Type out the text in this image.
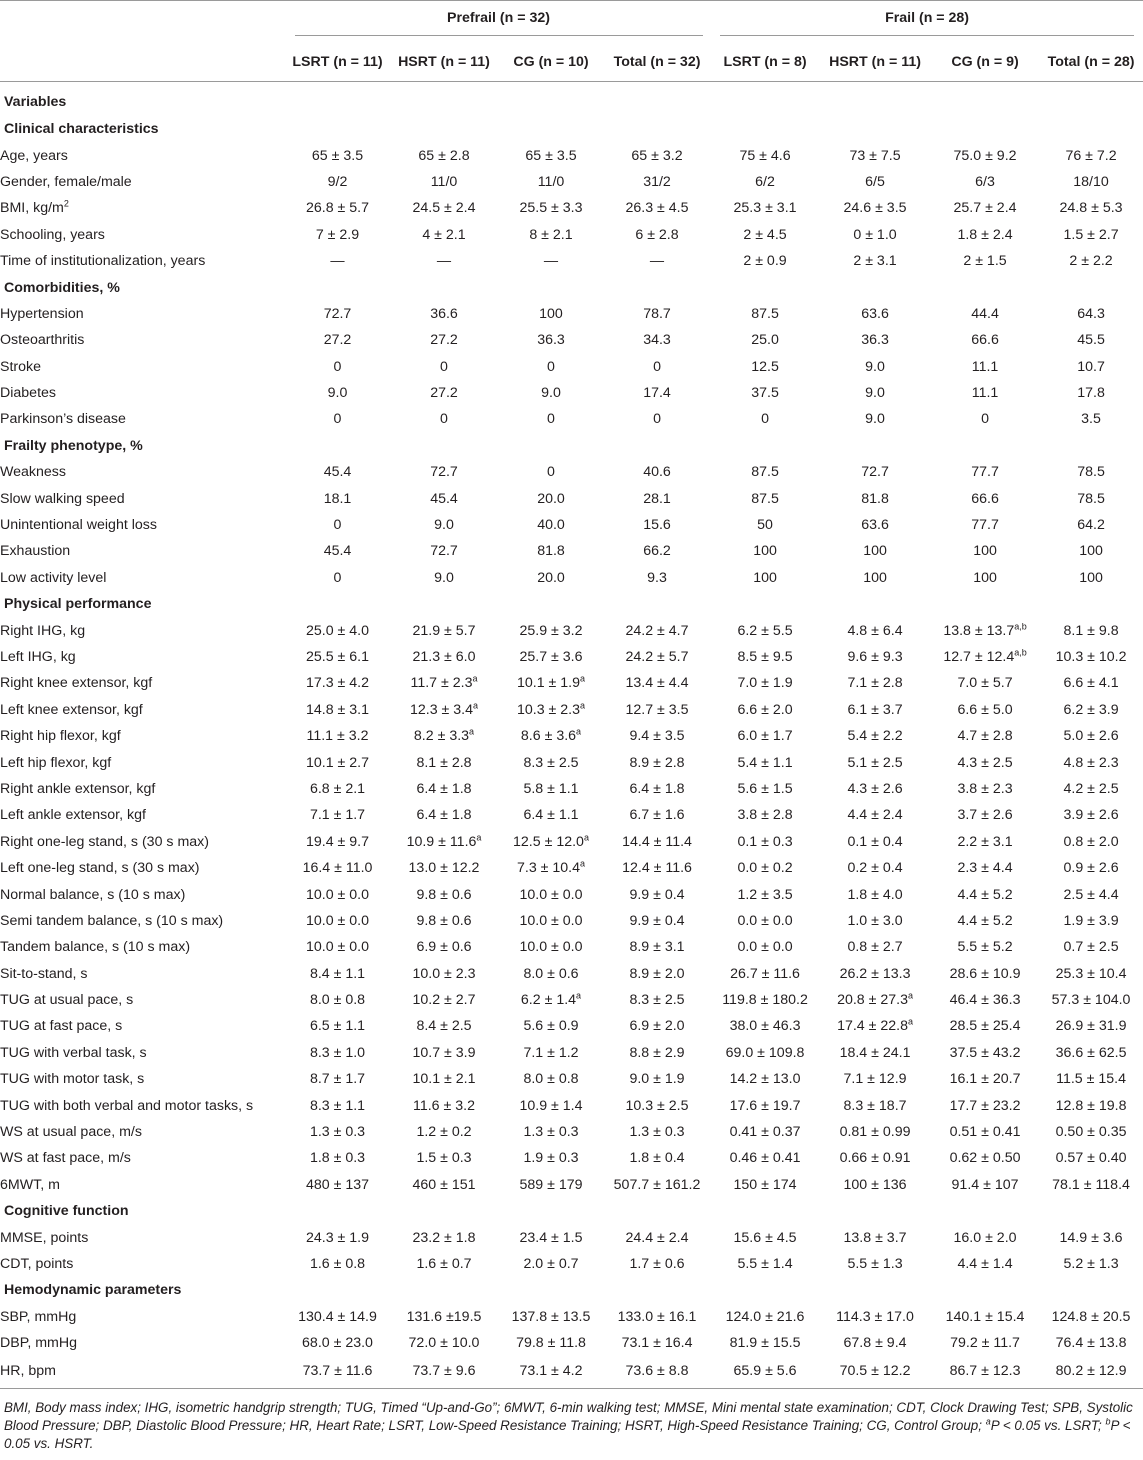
	Prefrail (n = 32)				Frail (n = 28)			
	LSRT (n = 11)	HSRT (n = 11)	CG (n = 10)	Total (n = 32)	LSRT (n = 8)	HSRT (n = 11)	CG (n = 9)	Total (n = 28)
Variables								
Clinical characteristics								
Age, years	65 ± 3.5	65 ± 2.8	65 ± 3.5	65 ± 3.2	75 ± 4.6	73 ± 7.5	75.0 ± 9.2	76 ± 7.2
Gender, female/male	9/2	11/0	11/0	31/2	6/2	6/5	6/3	18/10
BMI, $kg/m^2$	26.8 ± 5.7	24.5 ± 2.4	25.5 ± 3.3	26.3 ± 4.5	25.3 ± 3.1	24.6 ± 3.5	25.7 ± 2.4	24.8 ± 5.3
Schooling, years	7 ± 2.9	4 ± 2.1	8 ± 2.1	6 ± 2.8	2 ± 4.5	0 ± 1.0	1.8 ± 2.4	1.5 ± 2.7
Time of institutionalization, years	—	—	—	—	2 ± 0.9	2 ± 3.1	2 ± 1.5	2 ± 2.2
Comorbidities, %								
Hypertension	72.7	36.6	100	78.7	87.5	63.6	44.4	64.3
Osteoarthritis	27.2	27.2	36.3	34.3	25.0	36.3	66.6	45.5
Stroke	0	0	0	0	12.5	9.0	11.1	10.7
Diabetes	9.0	27.2	9.0	17.4	37.5	9.0	11.1	17.8
Parkinson’s disease	0	0	0	0	0	9.0	0	3.5
Frailty phenotype, %								
Weakness	45.4	72.7	0	40.6	87.5	72.7	77.7	78.5
Slow walking speed	18.1	45.4	20.0	28.1	87.5	81.8	66.6	78.5
Unintentional weight loss	0	9.0	40.0	15.6	50	63.6	77.7	64.2
Exhaustion	45.4	72.7	81.8	66.2	100	100	100	100
Low activity level	0	9.0	20.0	9.3	100	100	100	100
Physical performance								
Right IHG, kg	25.0 ± 4.0	21.9 ± 5.7	25.9 ± 3.2	24.2 ± 4.7	6.2 ± 5.5	4.8 ± 6.4	$13.8 \pm 13.7^{a,b}$	8.1 ± 9.8
Left IHG, kg	25.5 ± 6.1	21.3 ± 6.0	25.7 ± 3.6	24.2 ± 5.7	8.5 ± 9.5	9.6 ± 9.3	$12.7 \pm 12.4^{a,b}$	10.3 ± 10.2
Right knee extensor, kgf	17.3 ± 4.2	11.7 ± 2.3$^a$	10.1 ± 1.9$^a$	13.4 ± 4.4	7.0 ± 1.9	7.1 ± 2.8	7.0 ± 5.7	6.6 ± 4.1
Left knee extensor, kgf	14.8 ± 3.1	12.3 ± 3.4$^a$	10.3 ± 2.3$^a$	12.7 ± 3.5	6.6 ± 2.0	6.1 ± 3.7	6.6 ± 5.0	6.2 ± 3.9
Right hip flexor, kgf	11.1 ± 3.2	8.2 ± 3.3$^a$	8.6 ± 3.6$^a$	9.4 ± 3.5	6.0 ± 1.7	5.4 ± 2.2	4.7 ± 2.8	5.0 ± 2.6
Left hip flexor, kgf	10.1 ± 2.7	8.1 ± 2.8	8.3 ± 2.5	8.9 ± 2.8	5.4 ± 1.1	5.1 ± 2.5	4.3 ± 2.5	4.8 ± 2.3
Right ankle extensor, kgf	6.8 ± 2.1	6.4 ± 1.8	5.8 ± 1.1	6.4 ± 1.8	5.6 ± 1.5	4.3 ± 2.6	3.8 ± 2.3	4.2 ± 2.5
Left ankle extensor, kgf	7.1 ± 1.7	6.4 ± 1.8	6.4 ± 1.1	6.7 ± 1.6	3.8 ± 2.8	4.4 ± 2.4	3.7 ± 2.6	3.9 ± 2.6
Right one-leg stand, s (30 s max)	19.4 ± 9.7	10.9 ± 11.6$^a$	12.5 ± 12.0$^a$	14.4 ± 11.4	0.1 ± 0.3	0.1 ± 0.4	2.2 ± 3.1	0.8 ± 2.0
Left one-leg stand, s (30 s max)	16.4 ± 11.0	13.0 ± 12.2	7.3 ± 10.4$^a$	12.4 ± 11.6	0.0 ± 0.2	0.2 ± 0.4	2.3 ± 4.4	0.9 ± 2.6
Normal balance, s (10 s max)	10.0 ± 0.0	9.8 ± 0.6	10.0 ± 0.0	9.9 ± 0.4	1.2 ± 3.5	1.8 ± 4.0	4.4 ± 5.2	2.5 ± 4.4
Semi tandem balance, s (10 s max)	10.0 ± 0.0	9.8 ± 0.6	10.0 ± 0.0	9.9 ± 0.4	0.0 ± 0.0	1.0 ± 3.0	4.4 ± 5.2	1.9 ± 3.9
Tandem balance, s (10 s max)	10.0 ± 0.0	6.9 ± 0.6	10.0 ± 0.0	8.9 ± 3.1	0.0 ± 0.0	0.8 ± 2.7	5.5 ± 5.2	0.7 ± 2.5
Sit-to-stand, s	8.4 ± 1.1	10.0 ± 2.3	8.0 ± 0.6	8.9 ± 2.0	26.7 ± 11.6	26.2 ± 13.3	28.6 ± 10.9	25.3 ± 10.4
TUG at usual pace, s	8.0 ± 0.8	10.2 ± 2.7	6.2 ± 1.4$^a$	8.3 ± 2.5	119.8 ± 180.2	20.8 ± 27.3$^a$	46.4 ± 36.3	57.3 ± 104.0
TUG at fast pace, s	6.5 ± 1.1	8.4 ± 2.5	5.6 ± 0.9	6.9 ± 2.0	38.0 ± 46.3	17.4 ± 22.8$^a$	28.5 ± 25.4	26.9 ± 31.9
TUG with verbal task, s	8.3 ± 1.0	10.7 ± 3.9	7.1 ± 1.2	8.8 ± 2.9	69.0 ± 109.8	18.4 ± 24.1	37.5 ± 43.2	36.6 ± 62.5
TUG with motor task, s	8.7 ± 1.7	10.1 ± 2.1	8.0 ± 0.8	9.0 ± 1.9	14.2 ± 13.0	7.1 ± 12.9	16.1 ± 20.7	11.5 ± 15.4
TUG with both verbal and motor tasks, s	8.3 ± 1.1	11.6 ± 3.2	10.9 ± 1.4	10.3 ± 2.5	17.6 ± 19.7	8.3 ± 18.7	17.7 ± 23.2	12.8 ± 19.8
WS at usual pace, m/s	1.3 ± 0.3	1.2 ± 0.2	1.3 ± 0.3	1.3 ± 0.3	0.41 ± 0.37	0.81 ± 0.99	0.51 ± 0.41	0.50 ± 0.35
WS at fast pace, m/s	1.8 ± 0.3	1.5 ± 0.3	1.9 ± 0.3	1.8 ± 0.4	0.46 ± 0.41	0.66 ± 0.91	0.62 ± 0.50	0.57 ± 0.40
6MWT, m	480 ± 137	460 ± 151	589 ± 179	507.7 ± 161.2	150 ± 174	100 ± 136	91.4 ± 107	78.1 ± 118.4
Cognitive function								
MMSE, points	24.3 ± 1.9	23.2 ± 1.8	23.4 ± 1.5	24.4 ± 2.4	15.6 ± 4.5	13.8 ± 3.7	16.0 ± 2.0	14.9 ± 3.6
CDT, points	1.6 ± 0.8	1.6 ± 0.7	2.0 ± 0.7	1.7 ± 0.6	5.5 ± 1.4	5.5 ± 1.3	4.4 ± 1.4	5.2 ± 1.3
Hemodynamic parameters								
SBP, mmHg	130.4 ± 14.9	131.6 ±19.5	137.8 ± 13.5	133.0 ± 16.1	124.0 ± 21.6	114.3 ± 17.0	140.1 ± 15.4	124.8 ± 20.5
DBP, mmHg	68.0 ± 23.0	72.0 ± 10.0	79.8 ± 11.8	73.1 ± 16.4	81.9 ± 15.5	67.8 ± 9.4	79.2 ± 11.7	76.4 ± 13.8
HR, bpm	73.7 ± 11.6	73.7 ± 9.6	73.1 ± 4.2	73.6 ± 8.8	65.9 ± 5.6	70.5 ± 12.2	86.7 ± 12.3	80.2 ± 12.9
BMI, Body mass index; IHG, isometric handgrip strength; TUG, Timed “Up-and-Go”; 6MWT, 6-min walking test; MMSE, Mini mental state examination; CDT, Clock Drawing Test; SPB, Systolic Blood Pressure; DBP, Diastolic Blood Pressure; HR, Heart Rate; LSRT, Low-Speed Resistance Training; HSRT, High-Speed Resistance Training; CG, Control Group; $^a$P < 0.05 vs. LSRT; $^b$P < 0.05 vs. HSRT.
